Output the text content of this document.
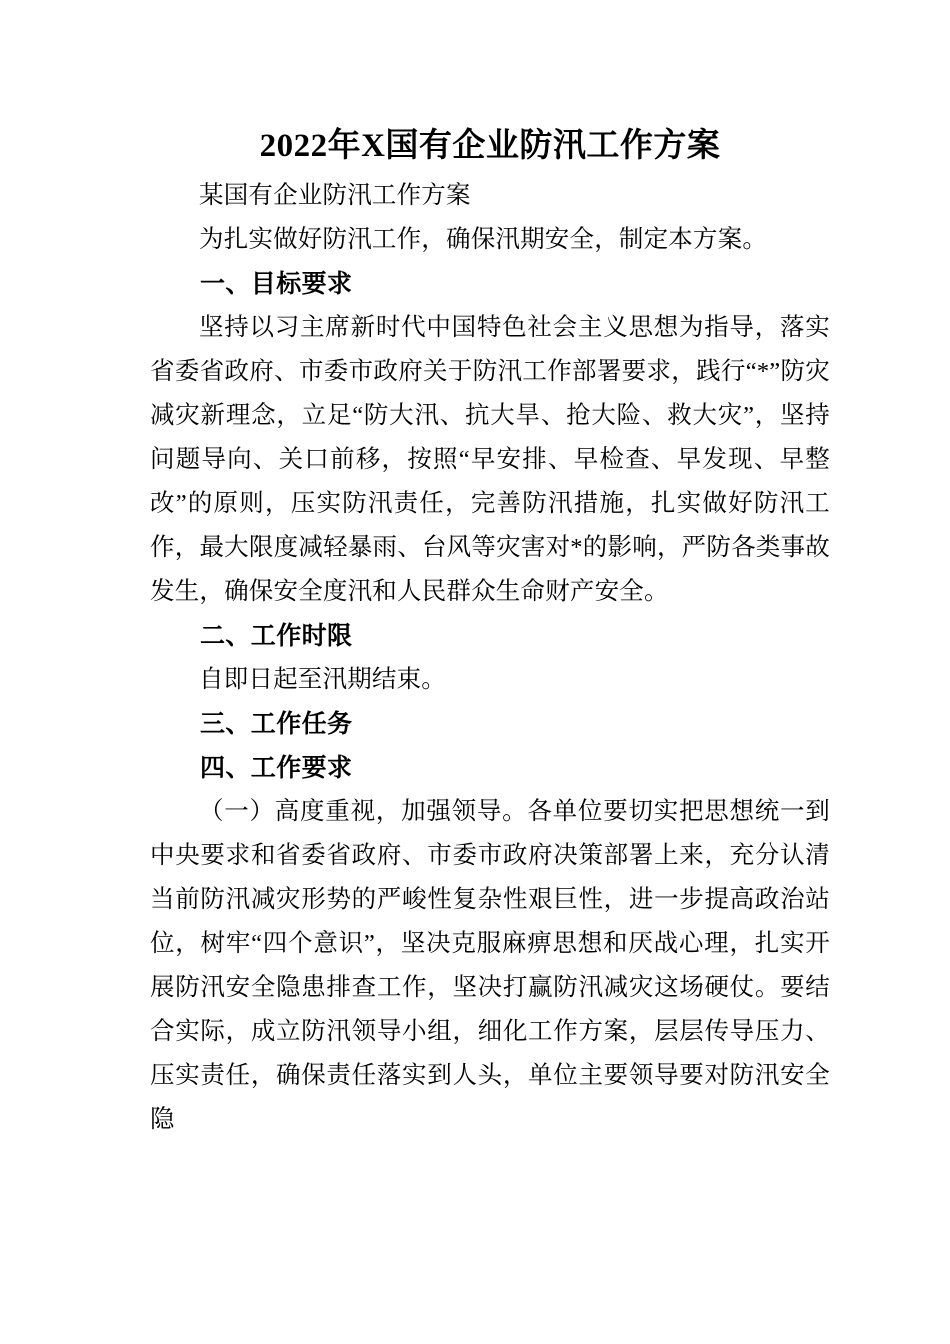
2022年X国有企业防汛工作方案

某国有企业防汛工作方案

为扎实做好防汛工作，确保汛期安全，制定本方案。

一、目标要求

坚持以习主席新时代中国特色社会主义思想为指导，落实省委省政府、市委市政府关于防汛工作部署要求，践行“*”防灾减灾新理念，立足“防大汛、抗大旱、抢大险、救大灾”，坚持问题导向、关口前移，按照“早安排、早检查、早发现、早整改”的原则，压实防汛责任，完善防汛措施，扎实做好防汛工作，最大限度减轻暴雨、台风等灾害对*的影响，严防各类事故发生，确保安全度汛和人民群众生命财产安全。

二、工作时限

自即日起至汛期结束。

三、工作任务
四、工作要求

（一）高度重视，加强领导。各单位要切实把思想统一到中央要求和省委省政府、市委市政府决策部署上来，充分认清当前防汛减灾形势的严峻性复杂性艰巨性，进一步提高政治站位，树牢“四个意识”，坚决克服麻痹思想和厌战心理，扎实开展防汛安全隐患排查工作，坚决打赢防汛减灾这场硬仗。要结合实际，成立防汛领导小组，细化工作方案，层层传导压力、压实责任，确保责任落实到人头，单位主要领导要对防汛安全隐
